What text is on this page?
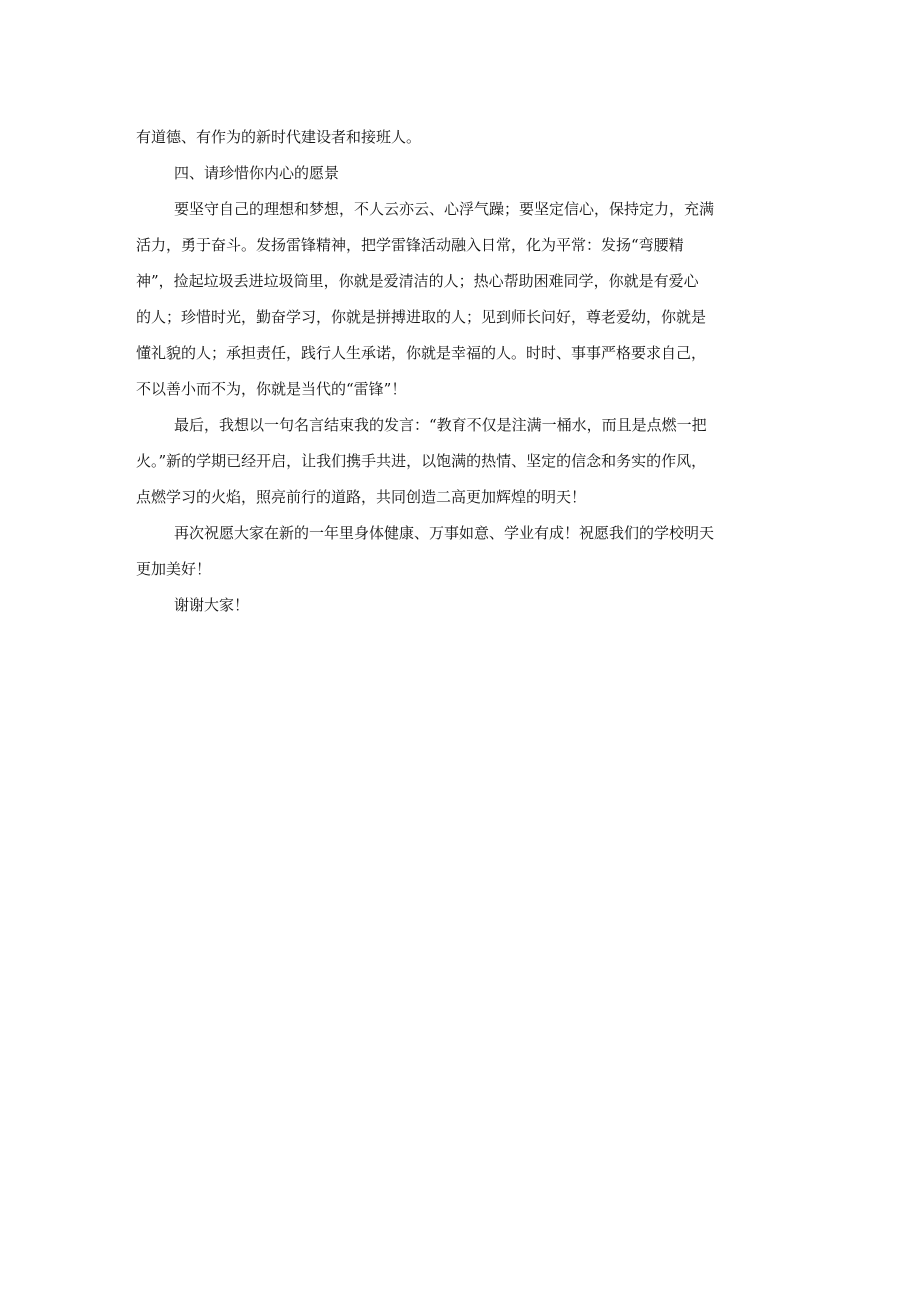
有道德、有作为的新时代建设者和接班人。

四、请珍惜你内心的愿景

要坚守自己的理想和梦想，不人云亦云、心浮气躁；要坚定信心，保持定力，充满

活力，勇于奋斗。发扬雷锋精神，把学雷锋活动融入日常，化为平常：发扬“弯腰精

神”，捡起垃圾丢进垃圾筒里，你就是爱清洁的人；热心帮助困难同学，你就是有爱心

的人；珍惜时光，勤奋学习，你就是拼搏进取的人；见到师长问好，尊老爱幼，你就是

懂礼貌的人；承担责任，践行人生承诺，你就是幸福的人。时时、事事严格要求自己，

不以善小而不为，你就是当代的“雷锋”！

最后，我想以一句名言结束我的发言：“教育不仅是注满一桶水，而且是点燃一把

火。”新的学期已经开启，让我们携手共进，以饱满的热情、坚定的信念和务实的作风，

点燃学习的火焰，照亮前行的道路，共同创造二高更加辉煌的明天！

再次祝愿大家在新的一年里身体健康、万事如意、学业有成！祝愿我们的学校明天

更加美好！

谢谢大家！
